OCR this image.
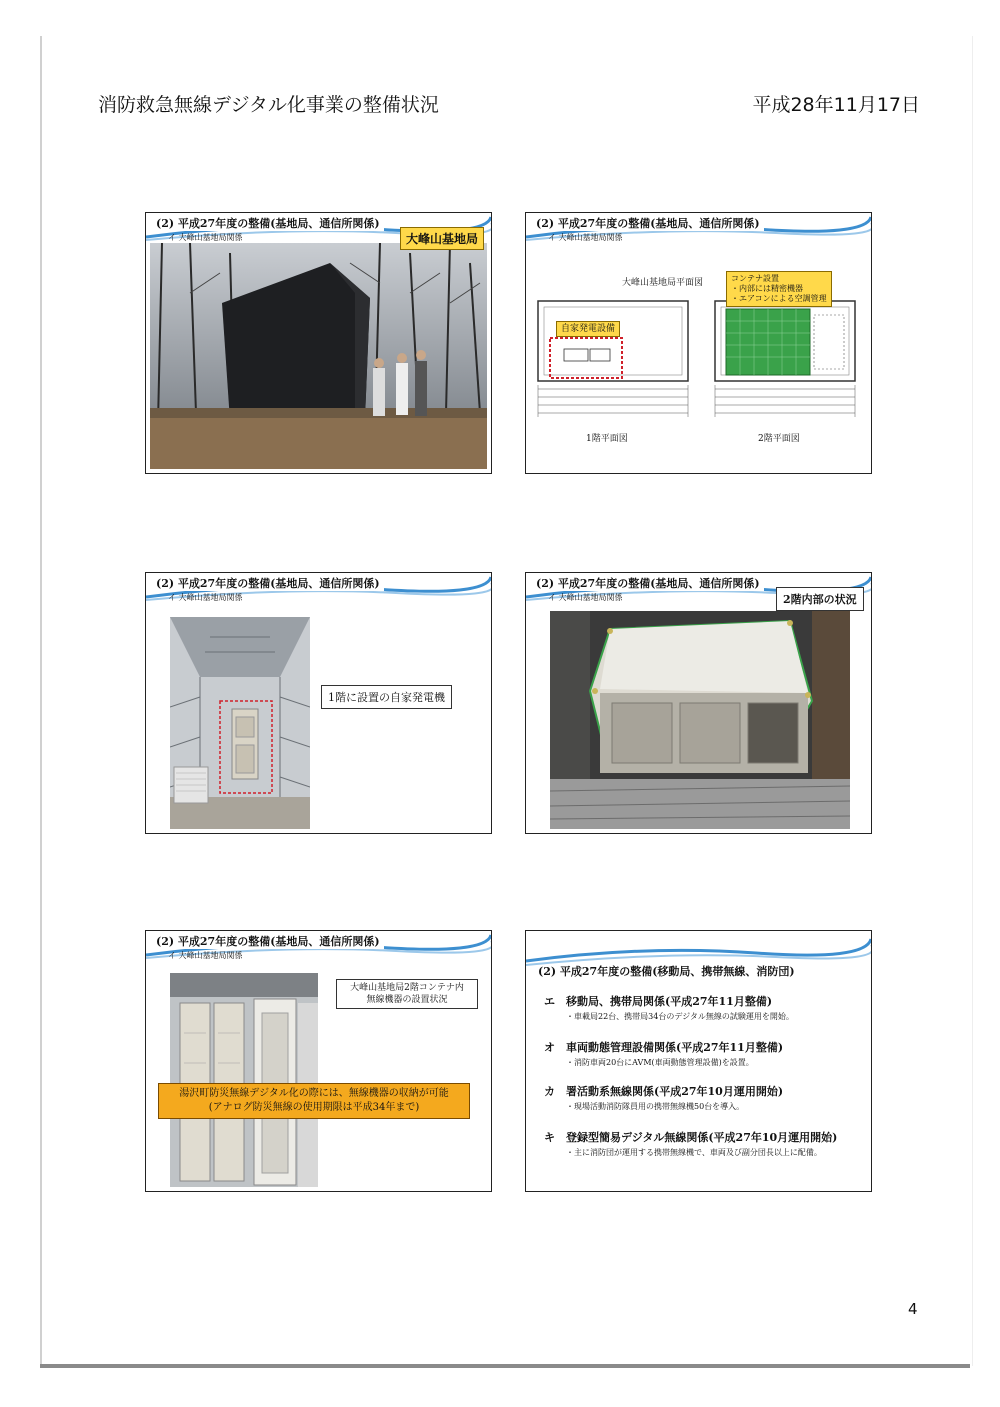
消防救急無線デジタル化事業の整備状況	平成28年11月17日
(2) 平成27年度の整備(基地局、通信所関係)
イ 大峰山基地局関係	大峰山基地局
(2) 平成27年度の整備(基地局、通信所関係)
イ 大峰山基地局関係
大峰山基地局平面図	コンテナ設置
・内部には精密機器
・エアコンによる空調管理
自家発電設備
1階平面図	2階平面図
(2) 平成27年度の整備(基地局、通信所関係)
イ 大峰山基地局関係
1階に設置の自家発電機
(2) 平成27年度の整備(基地局、通信所関係)
イ 大峰山基地局関係	2階内部の状況
(2) 平成27年度の整備(基地局、通信所関係)
イ 大峰山基地局関係
大峰山基地局2階コンテナ内
無線機器の設置状況
湯沢町防災無線デジタル化の際には、無線機器の収納が可能
(アナログ防災無線の使用期限は平成34年まで)
(2) 平成27年度の整備(移動局、携帯無線、消防団)
エ 移動局、携帯局関係(平成27年11月整備)
・車載局22台、携帯局34台のデジタル無線の試験運用を開始。
オ 車両動態管理設備関係(平成27年11月整備)
・消防車両20台にAVM(車両動態管理設備)を設置。
カ 署活動系無線関係(平成27年10月運用開始)
・現場活動消防隊員用の携帯無線機50台を導入。
キ 登録型簡易デジタル無線関係(平成27年10月運用開始)
・主に消防団が運用する携帯無線機で、車両及び副分団長以上に配備。
4
